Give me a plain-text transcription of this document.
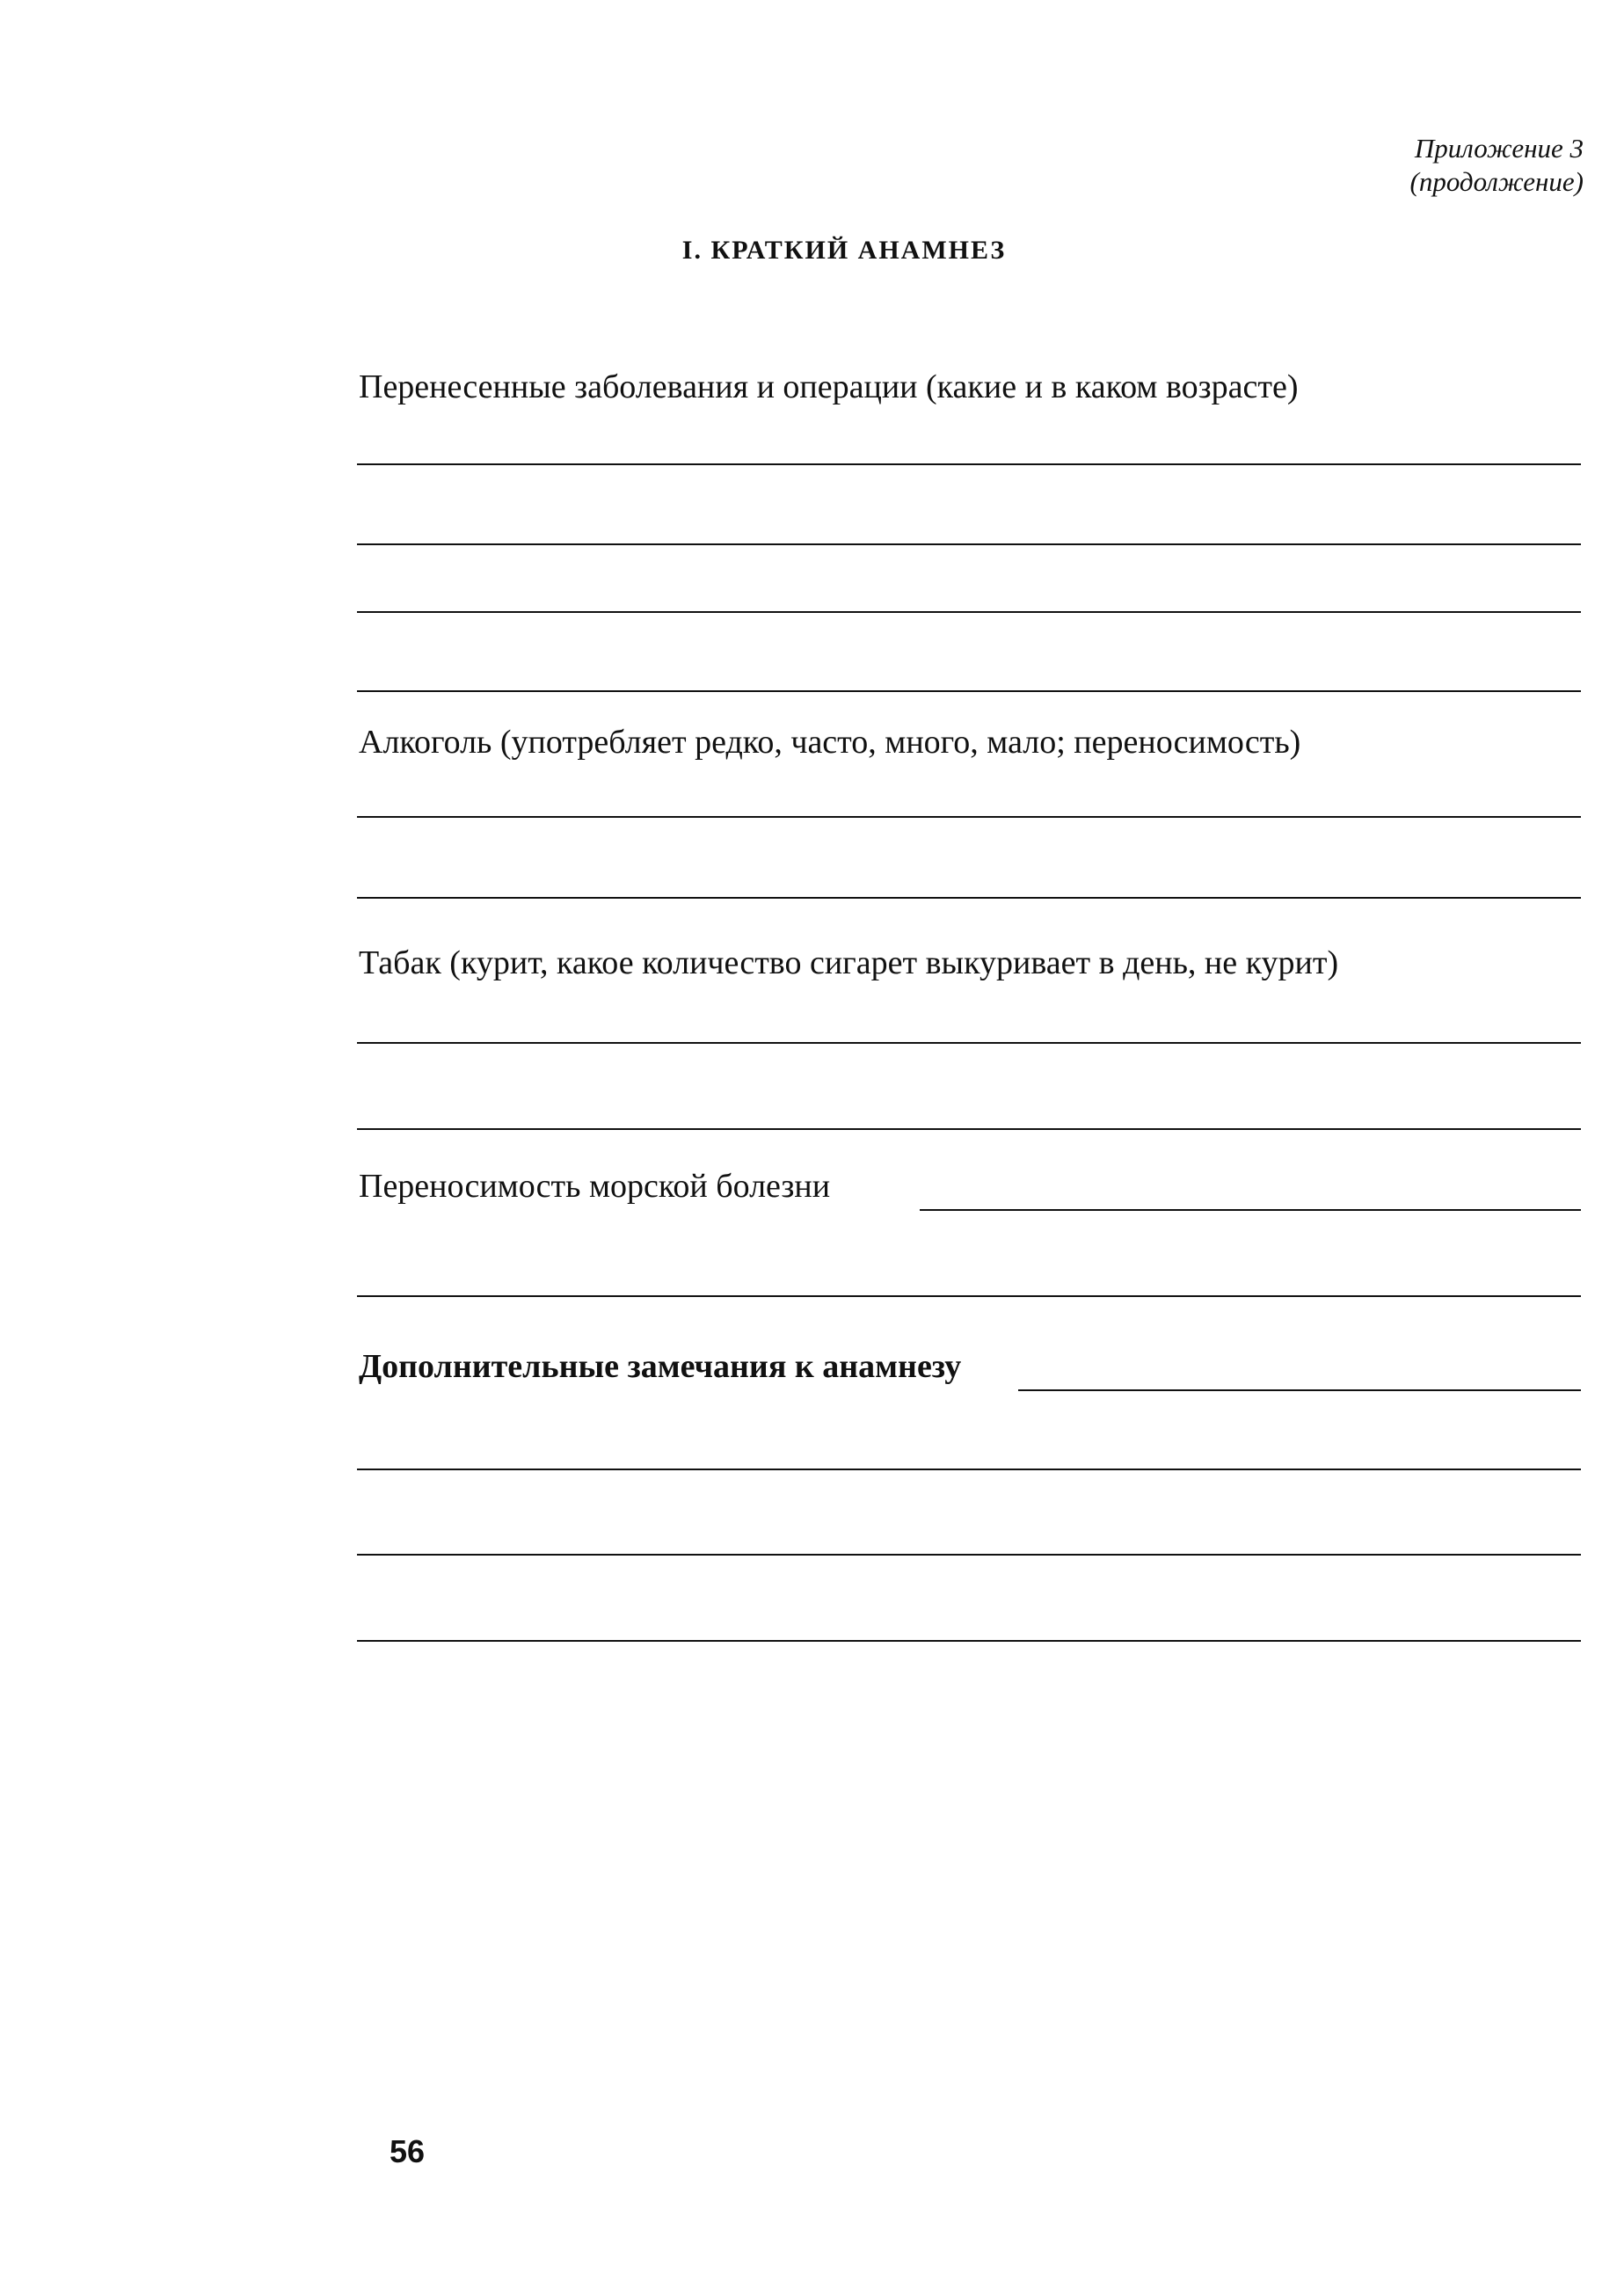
Приложение 3
(продолжение)
I. КРАТКИЙ АНАМНЕЗ
Перенесенные заболевания и операции (какие и в каком возрасте)
Алкоголь (употребляет редко, часто, много, мало; переносимость)
Табак (курит, какое количество сигарет выкуривает в день, не курит)
Переносимость морской болезни
Дополнительные замечания к анамнезу
56
